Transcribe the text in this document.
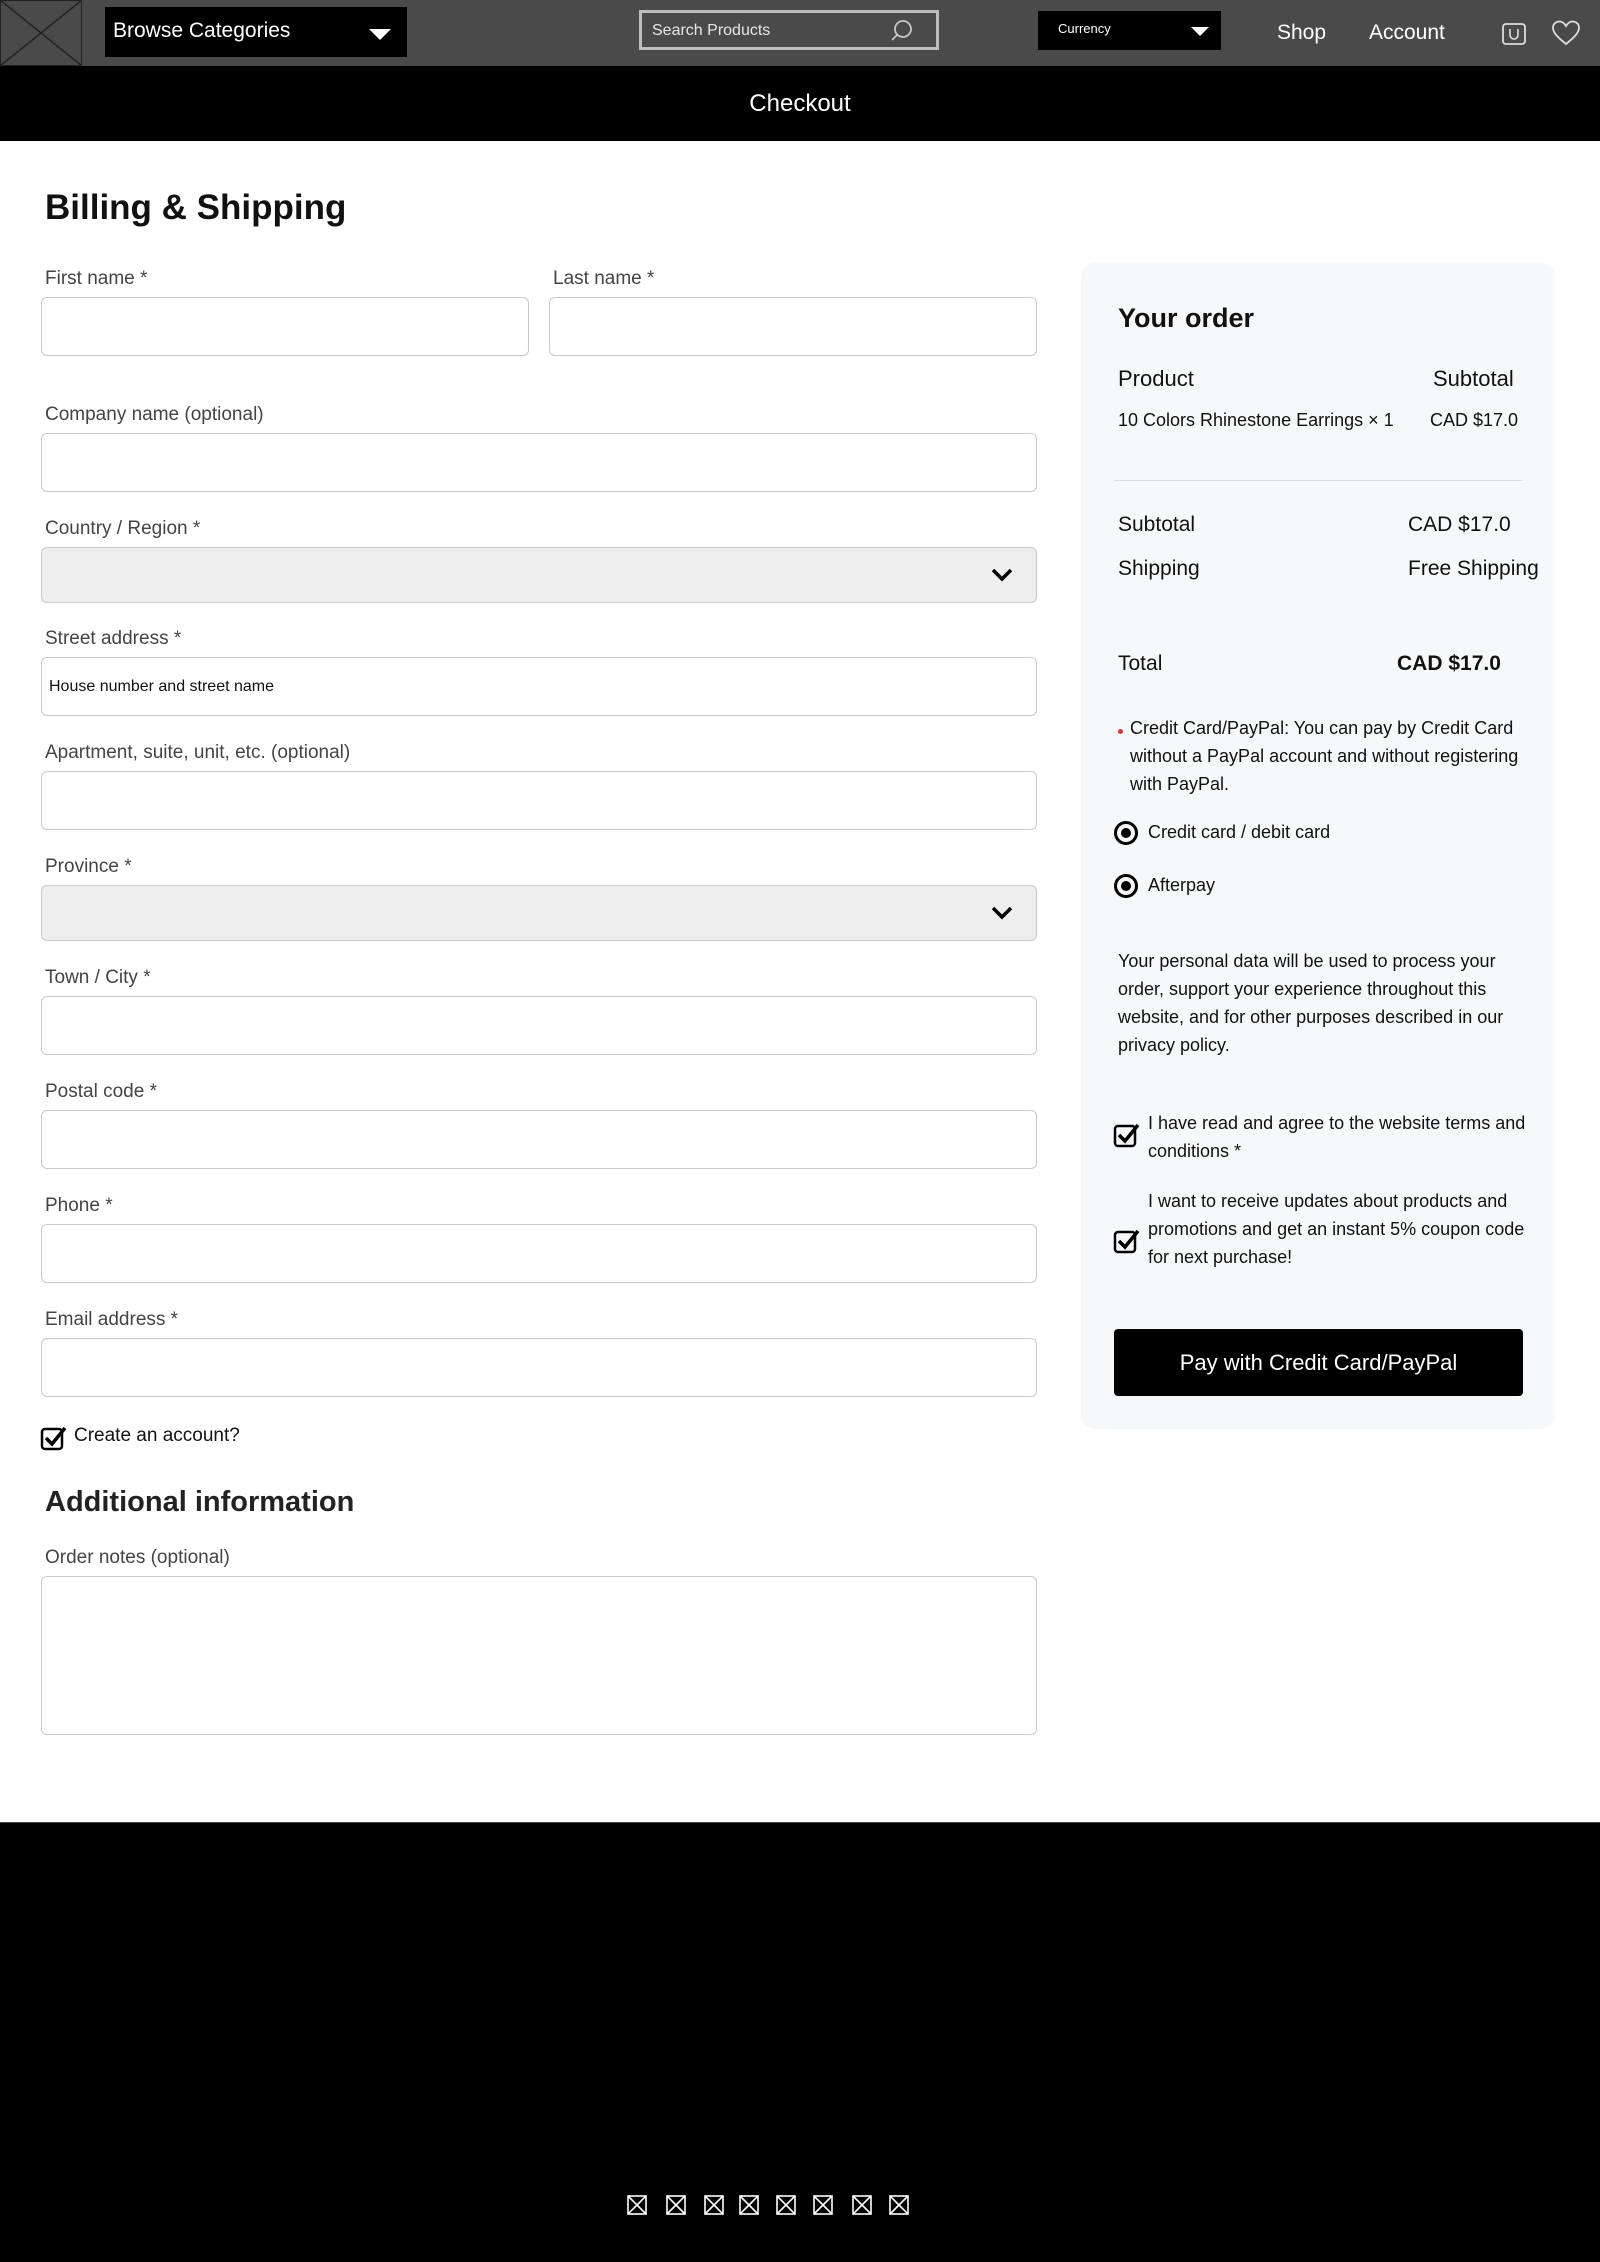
Browse Categories	Search Products	Currency	Shop Account
Checkout
Billing & Shipping
First name *	Last name *
Company name (optional)
Country / Region *
Street address *
House number and street name
Apartment, suite, unit, etc. (optional)
Province *
Town / City *
Postal code *
Phone *
Email address *
Create an account?
Additional information
Order notes (optional)
Your order
Product	Subtotal
10 Colors Rhinestone Earrings × 1 CAD $17.0
Subtotal	CAD $17.0
Shipping	Free Shipping
Total	CAD $17.0
Credit Card/PayPal: You can pay by Credit Card without a PayPal account and without registering with PayPal.
Credit card / debit card
Afterpay
Your personal data will be used to process your order, support your experience throughout this website, and for other purposes described in our privacy policy.
I have read and agree to the website terms and conditions *
I want to receive updates about products and promotions and get an instant 5% coupon code for next purchase!
Pay with Credit Card/PayPal
